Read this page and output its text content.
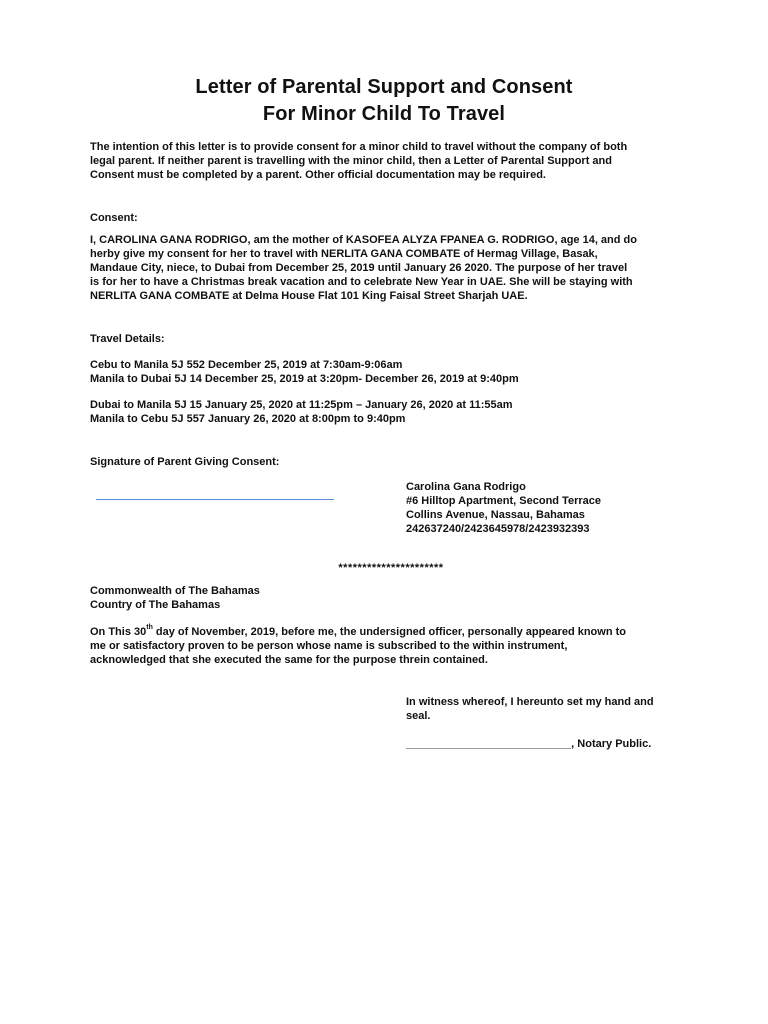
Letter of Parental Support and Consent
For Minor Child To Travel
The intention of this letter is to provide consent for a minor child to travel without the company of both
legal parent. If neither parent is travelling with the minor child, then a Letter of Parental Support and
Consent must be completed by a parent. Other official documentation may be required.
Consent:
I, CAROLINA GANA RODRIGO, am the mother of KASOFEA ALYZA FPANEA G. RODRIGO, age 14, and do
herby give my consent for her to travel with NERLITA GANA COMBATE of Hermag Village, Basak,
Mandaue City, niece, to Dubai from December 25, 2019 until January 26 2020. The purpose of her travel
is for her to have a Christmas break vacation and to celebrate New Year in UAE. She will be staying with
NERLITA GANA COMBATE at Delma House Flat 101 King Faisal Street Sharjah UAE.
Travel Details:
Cebu to Manila 5J 552 December 25, 2019 at 7:30am-9:06am
Manila to Dubai 5J 14 December 25, 2019 at 3:20pm- December 26, 2019 at 9:40pm
Dubai to Manila 5J 15 January 25, 2020 at 11:25pm – January 26, 2020 at 11:55am
Manila to Cebu 5J 557 January 26, 2020 at 8:00pm to 9:40pm
Signature of Parent Giving Consent:
Carolina Gana Rodrigo
#6 Hilltop Apartment, Second Terrace
Collins Avenue, Nassau, Bahamas
242637240/2423645978/2423932393
**********************
Commonwealth of The Bahamas
Country of The Bahamas
On This 30th day of November, 2019, before me, the undersigned officer, personally appeared known to
me or satisfactory proven to be person whose name is subscribed to the within instrument,
acknowledged that she executed the same for the purpose threin contained.
In witness whereof, I hereunto set my hand and
seal.
___________________________, Notary Public.
